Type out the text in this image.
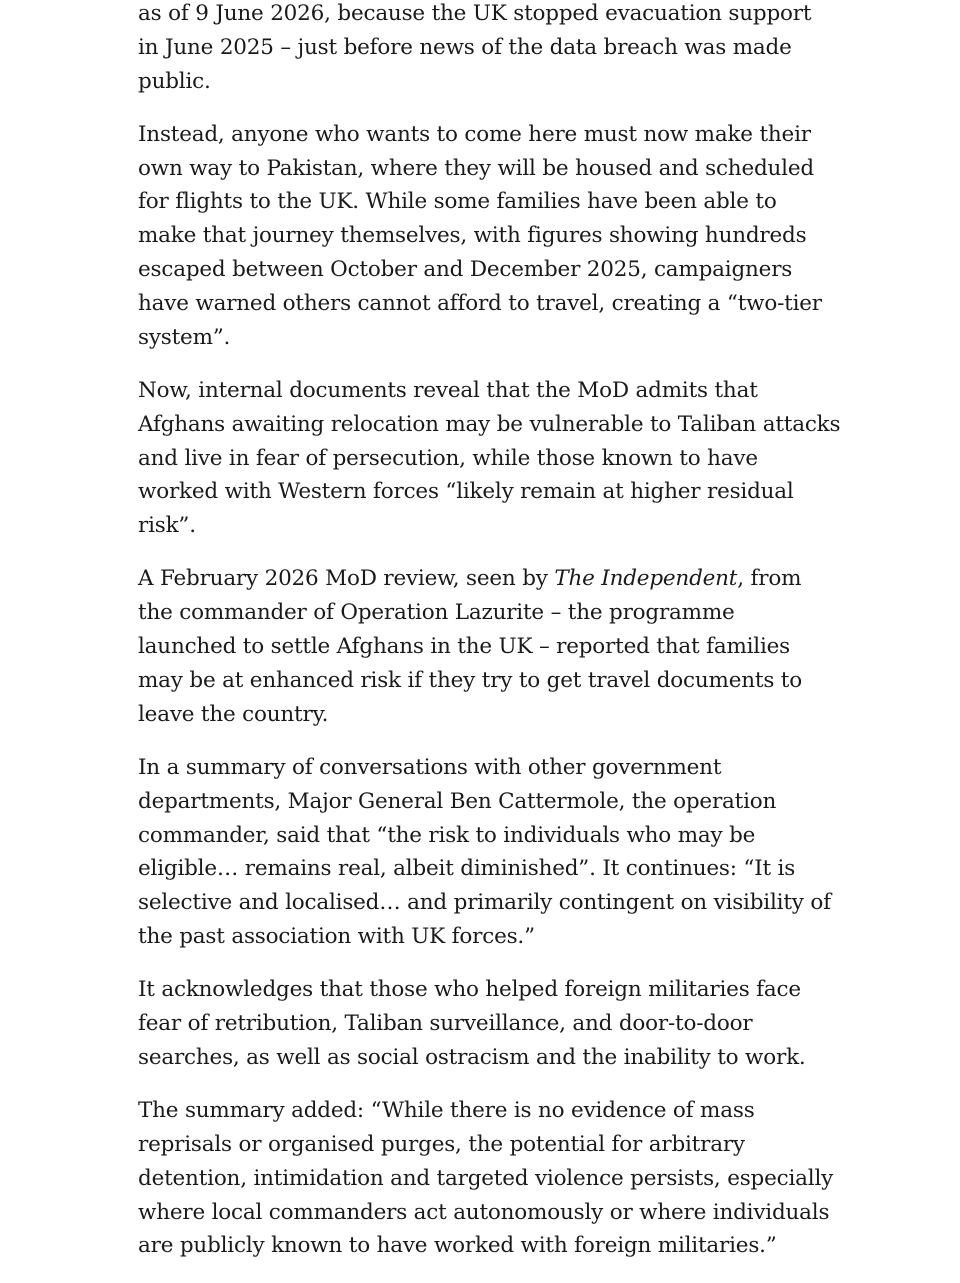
as of 9 June 2026, because the UK stopped evacuation support
in June 2025 – just before news of the data breach was made
public.

Instead, anyone who wants to come here must now make their
own way to Pakistan, where they will be housed and scheduled
for flights to the UK. While some families have been able to
make that journey themselves, with figures showing hundreds
escaped between October and December 2025, campaigners
have warned others cannot afford to travel, creating a “two-tier
system”.

Now, internal documents reveal that the MoD admits that
Afghans awaiting relocation may be vulnerable to Taliban attacks
and live in fear of persecution, while those known to have
worked with Western forces “likely remain at higher residual
risk”.

A February 2026 MoD review, seen by The Independent, from
the commander of Operation Lazurite – the programme
launched to settle Afghans in the UK – reported that families
may be at enhanced risk if they try to get travel documents to
leave the country.

In a summary of conversations with other government
departments, Major General Ben Cattermole, the operation
commander, said that “the risk to individuals who may be
eligible… remains real, albeit diminished”. It continues: “It is
selective and localised… and primarily contingent on visibility of
the past association with UK forces.”

It acknowledges that those who helped foreign militaries face
fear of retribution, Taliban surveillance, and door-to-door
searches, as well as social ostracism and the inability to work.

The summary added: “While there is no evidence of mass
reprisals or organised purges, the potential for arbitrary
detention, intimidation and targeted violence persists, especially
where local commanders act autonomously or where individuals
are publicly known to have worked with foreign militaries.”
